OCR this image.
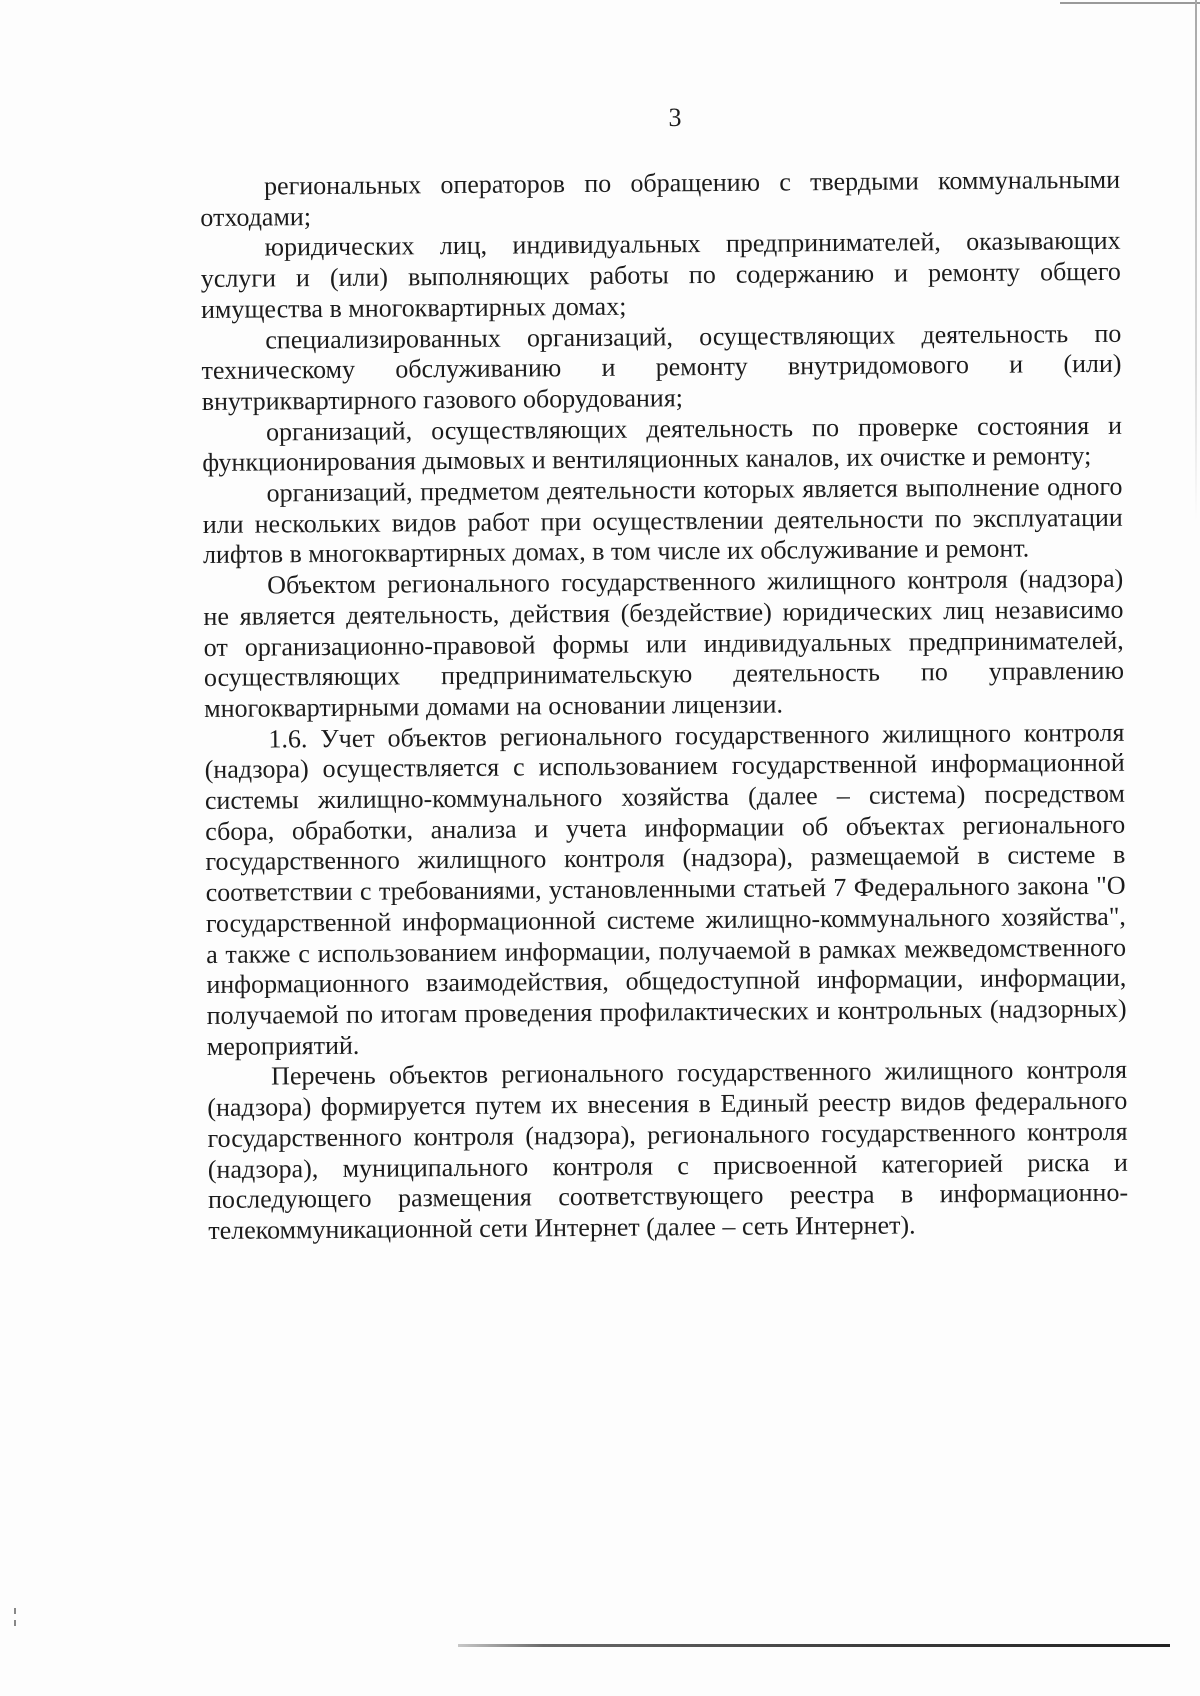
3

региональных операторов по обращению с твердыми коммунальными отходами;

юридических лиц, индивидуальных предпринимателей, оказывающих услуги и (или) выполняющих работы по содержанию и ремонту общего имущества в многоквартирных домах;

специализированных организаций, осуществляющих деятельность по техническому обслуживанию и ремонту внутридомового и (или) внутриквартирного газового оборудования;

организаций, осуществляющих деятельность по проверке состояния и функционирования дымовых и вентиляционных каналов, их очистке и ремонту;

организаций, предметом деятельности которых является выполнение одного или нескольких видов работ при осуществлении деятельности по эксплуатации лифтов в многоквартирных домах, в том числе их обслуживание и ремонт.

Объектом регионального государственного жилищного контроля (надзора) не является деятельность, действия (бездействие) юридических лиц независимо от организационно-правовой формы или индивидуальных предпринимателей, осуществляющих предпринимательскую деятельность по управлению многоквартирными домами на основании лицензии.

1.6. Учет объектов регионального государственного жилищного контроля (надзора) осуществляется с использованием государственной информационной системы жилищно-коммунального хозяйства (далее – система) посредством сбора, обработки, анализа и учета информации об объектах регионального государственного жилищного контроля (надзора), размещаемой в системе в соответствии с требованиями, установленными статьей 7 Федерального закона "О государственной информационной системе жилищно-коммунального хозяйства", а также с использованием информации, получаемой в рамках межведомственного информационного взаимодействия, общедоступной информации, информации, получаемой по итогам проведения профилактических и контрольных (надзорных) мероприятий.

Перечень объектов регионального государственного жилищного контроля (надзора) формируется путем их внесения в Единый реестр видов федерального государственного контроля (надзора), регионального государственного контроля (надзора), муниципального контроля с присвоенной категорией риска и последующего размещения соответствующего реестра в информационно-телекоммуникационной сети Интернет (далее – сеть Интернет).
